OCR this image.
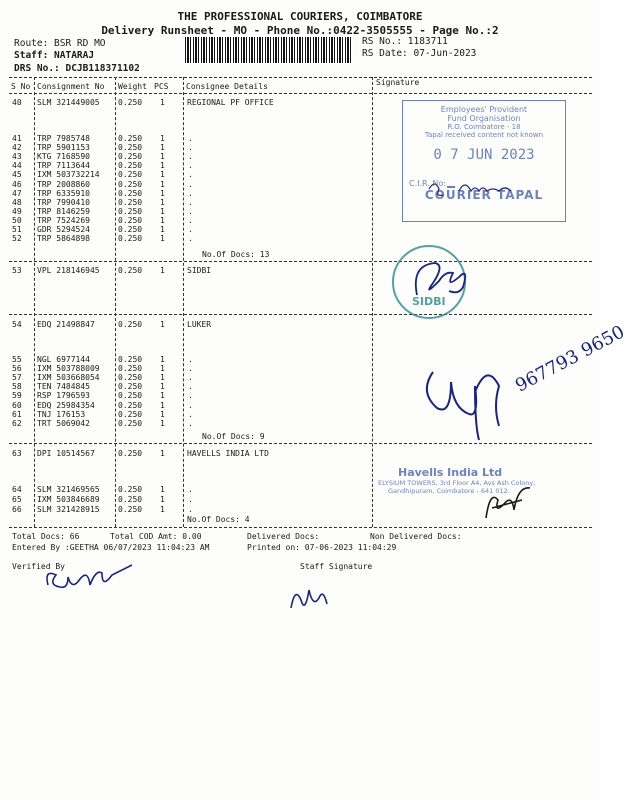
THE PROFESSIONAL COURIERS, COIMBATORE
Delivery Runsheet - MO - Phone No.:0422-3505555 - Page No.:2
Route: BSR RD MO
Staff: NATARAJ
DRS No.: DCJB118371102
RS No.: 1183711
RS Date: 07-Jun-2023
S No Consignment No Weight PCS Consignee Details	Signature
40 SLM 321449005 0.250 1	REGIONAL PF OFFICE
41 TRP 7985748	0.250 1	.
42 TRP 5901153	0.250 1	.
43 KTG 7168590	0.250 1	.
44 TRP 7113644	0.250 1	.
45 IXM 503732214 0.250 1	.
46 TRP 2008860	0.250 1	.
47 TRP 6335910	0.250 1	.
48 TRP 7990410	0.250 1	.
49 TRP 8146259	0.250 1	.
50 TRP 7524269	0.250 1	.
51 GDR 5294524	0.250 1	.
52 TRP 5864898	0.250 1	.
No.Of Docs: 13
53 VPL 218146945 0.250 1	SIDBI
54 EDQ 21498847	0.250 1	LUKER
55 NGL 6977144	0.250 1	.
56 IXM 503788009 0.250 1	.
57 IXM 503668054 0.250 1	.
58 TEN 7484845	0.250 1	.
59 RSP 1796593	0.250 1	.
60 EDQ 25984354	0.250 1	.
61 TNJ 176153	0.250 1	.
62 TRT 5069042	0.250 1	.
No.Of Docs: 9
63 DPI 10514567	0.250 1	HAVELLS INDIA LTD
64 SLM 321469565 0.250 1	.
65 IXM 503846689 0.250 1	.
66 SLM 321428915 0.250 1	.
No.Of Docs: 4
Total Docs: 66	Total COD Amt: 0.00	Delivered Docs:	Non Delivered Docs:
Entered By :GEETHA 06/07/2023 11:04:23 AM	Printed on: 07-06-2023 11:04:29
Verified By	Staff Signature
Employees' Provident
Fund Organisation
R.O. Coimbatore - 18
Tapal received content not known
0 7 JUN 2023
C.I.R. No:
COURIER TAPAL
SIDBI
967793 9650
Havells India Ltd
ELYSIUM TOWERS, 3rd Floor A4, Avs Ash Colony,
Gandhipuram, Coimbatore - 641 012.
